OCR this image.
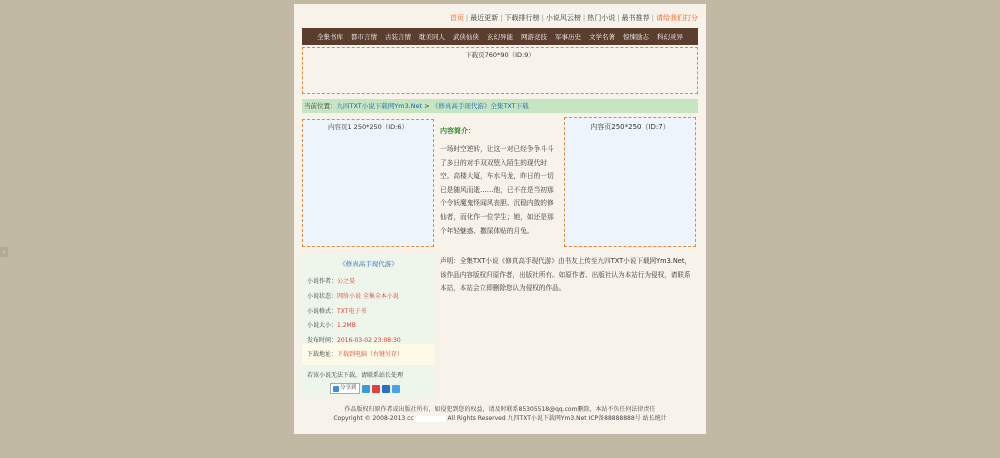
‹
首页 | 最近更新 | 下载排行榜 | 小说风云榜 | 热门小说 | 最书推荐 | 请给我们打分
全集书库 都市言情 古装言情 耽美同人 武侠仙侠 玄幻异能 网游竞技 军事历史 文学名著 惊悚励志 科幻灵异
下载页760*90（ID:9）
当前位置：九四TXT小说下载网Ym3.Net > 《修真高手现代游》全集TXT下载
内容页1 250*250（ID:6）	内容简介：
一场时空逆转，让这一对已经争争斗斗了多日的对手双双堕入陌生的现代时空。高楼大厦，车水马龙，昨日的一切已是随风而逝……他，已不在是当初那个令妖魔鬼怪闻风丧胆、沉稳内敛的修仙者，而化作一位学生；她，如还是那个年轻魅惑、撒屎体贴的月兔。
内容页250*250（ID:7）
《修真高手现代游》
小说作者：公之晏
小说状态：网络小说 全集全本小说
小说格式：TXT电子书
小说大小：1.2MB
发布时间：2016-03-02 23:08:30
下载地址：下载到电脑（右键另存）
若该小说无法下载，请联系站长处理
分享到
声明：全集TXT小说《修真高手现代游》由书友上传至九四TXT小说下载网Ym3.Net，该作品内容版权归原作者，出版社所有。如原作者、出版社认为本站行为侵权，请联系本站，本站会立即删除您认为侵权的作品。
作品版权归原作者或出版社所有，如侵犯到您的权益，请及时联系85305518@qq.com删除，本站不负任何法律责任
Copyright © 2008-2013 cc	All Rights Reserved 九四TXT小说下载网Ym3.Net ICP备88888888号 站长统计
